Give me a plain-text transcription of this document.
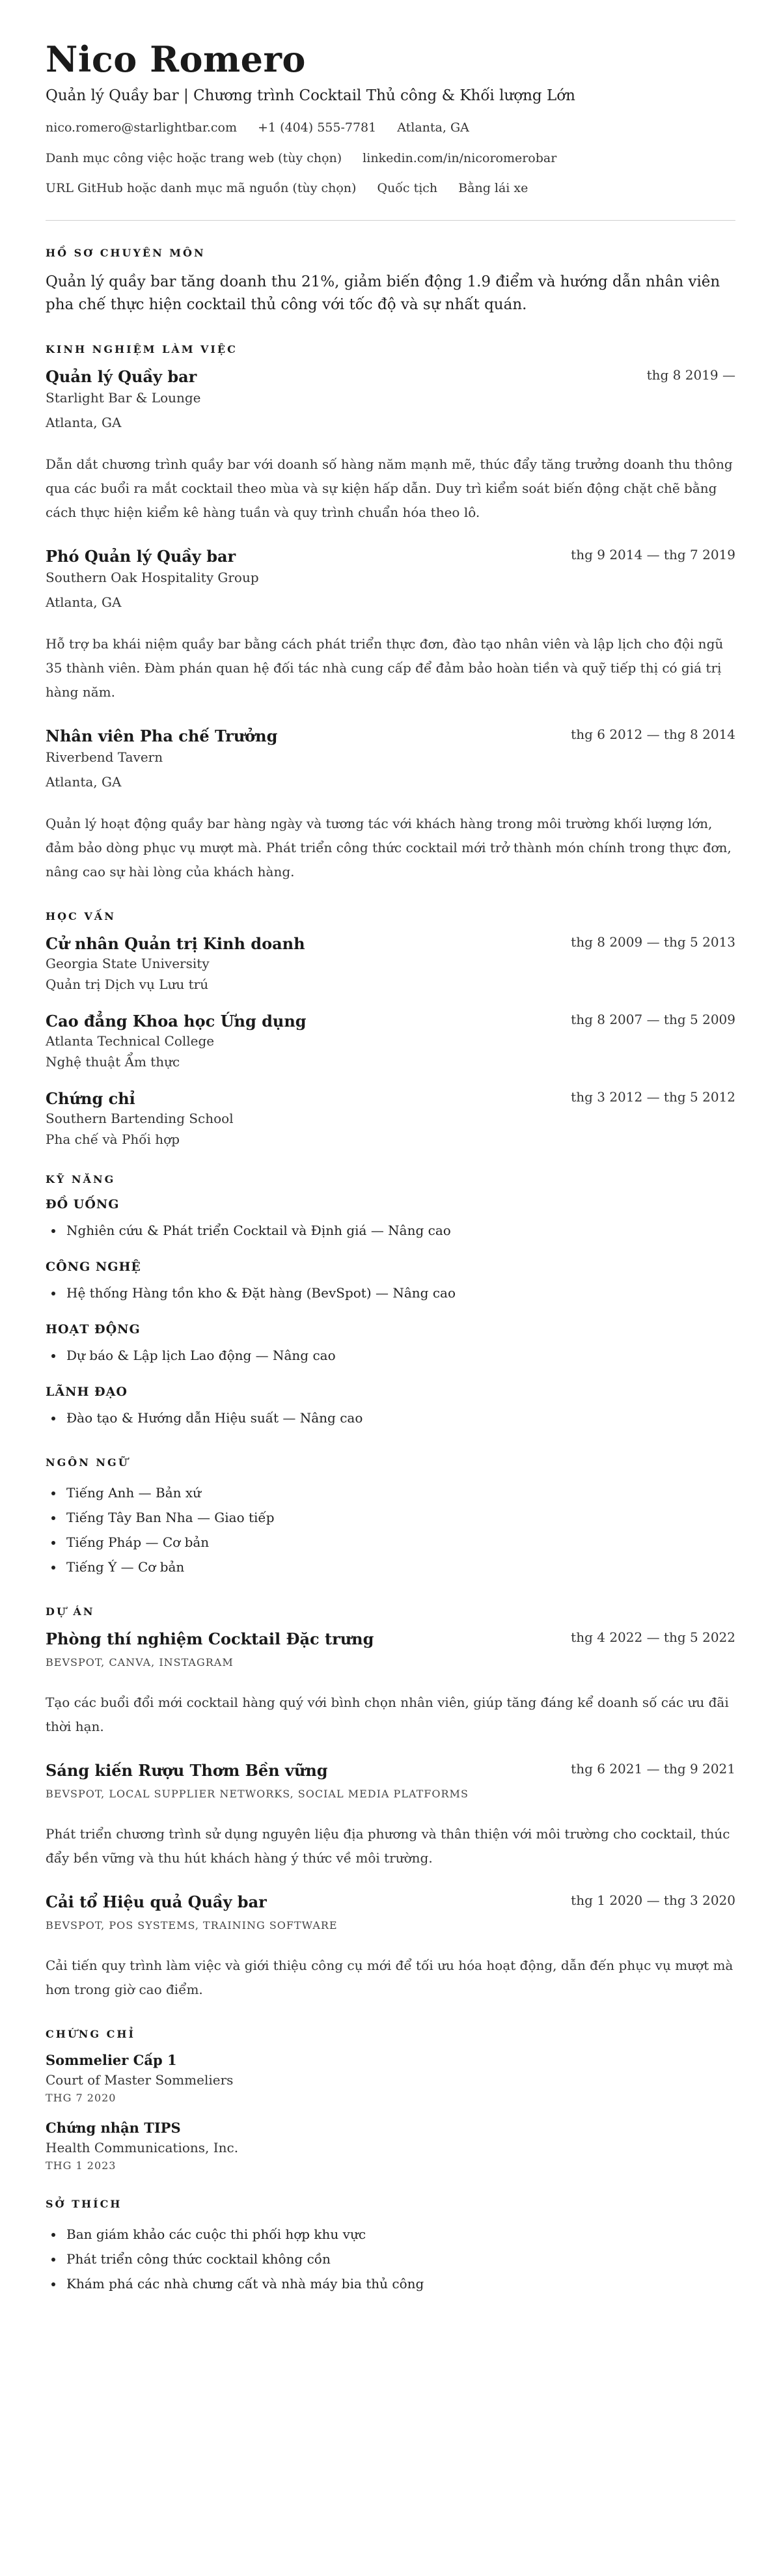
Nico Romero
Quản lý Quầy bar | Chương trình Cocktail Thủ công & Khối lượng Lớn
nico.romero@starlightbar.com +1 (404) 555-7781 Atlanta, GA
Danh mục công việc hoặc trang web (tùy chọn) linkedin.com/in/nicoromerobar
URL GitHub hoặc danh mục mã nguồn (tùy chọn) Quốc tịch Bằng lái xe
HỒ SƠ CHUYÊN MÔN
Quản lý quầy bar tăng doanh thu 21%, giảm biến động 1.9 điểm và hướng dẫn nhân viên pha chế thực hiện cocktail thủ công với tốc độ và sự nhất quán.
KINH NGHIỆM LÀM VIỆC
Quản lý Quầy bar	thg 8 2019 —
Starlight Bar & Lounge
Atlanta, GA
Dẫn dắt chương trình quầy bar với doanh số hàng năm mạnh mẽ, thúc đẩy tăng trưởng doanh thu thông qua các buổi ra mắt cocktail theo mùa và sự kiện hấp dẫn. Duy trì kiểm soát biến động chặt chẽ bằng cách thực hiện kiểm kê hàng tuần và quy trình chuẩn hóa theo lô.
Phó Quản lý Quầy bar	thg 9 2014 — thg 7 2019
Southern Oak Hospitality Group
Atlanta, GA
Hỗ trợ ba khái niệm quầy bar bằng cách phát triển thực đơn, đào tạo nhân viên và lập lịch cho đội ngũ 35 thành viên. Đàm phán quan hệ đối tác nhà cung cấp để đảm bảo hoàn tiền và quỹ tiếp thị có giá trị hàng năm.
Nhân viên Pha chế Trưởng	thg 6 2012 — thg 8 2014
Riverbend Tavern
Atlanta, GA
Quản lý hoạt động quầy bar hàng ngày và tương tác với khách hàng trong môi trường khối lượng lớn, đảm bảo dòng phục vụ mượt mà. Phát triển công thức cocktail mới trở thành món chính trong thực đơn, nâng cao sự hài lòng của khách hàng.
HỌC VẤN
Cử nhân Quản trị Kinh doanh	thg 8 2009 — thg 5 2013
Georgia State University
Quản trị Dịch vụ Lưu trú
Cao đẳng Khoa học Ứng dụng	thg 8 2007 — thg 5 2009
Atlanta Technical College
Nghệ thuật Ẩm thực
Chứng chỉ	thg 3 2012 — thg 5 2012
Southern Bartending School
Pha chế và Phối hợp
KỸ NĂNG
ĐỒ UỐNG
• Nghiên cứu & Phát triển Cocktail và Định giá — Nâng cao
CÔNG NGHỆ
• Hệ thống Hàng tồn kho & Đặt hàng (BevSpot) — Nâng cao
HOẠT ĐỘNG
• Dự báo & Lập lịch Lao động — Nâng cao
LÃNH ĐẠO
• Đào tạo & Hướng dẫn Hiệu suất — Nâng cao
NGÔN NGỮ
• Tiếng Anh — Bản xứ
• Tiếng Tây Ban Nha — Giao tiếp
• Tiếng Pháp — Cơ bản
• Tiếng Ý — Cơ bản
DỰ ÁN
Phòng thí nghiệm Cocktail Đặc trưng	thg 4 2022 — thg 5 2022
BEVSPOT, CANVA, INSTAGRAM
Tạo các buổi đổi mới cocktail hàng quý với bình chọn nhân viên, giúp tăng đáng kể doanh số các ưu đãi thời hạn.
Sáng kiến Rượu Thơm Bền vững	thg 6 2021 — thg 9 2021
BEVSPOT, LOCAL SUPPLIER NETWORKS, SOCIAL MEDIA PLATFORMS
Phát triển chương trình sử dụng nguyên liệu địa phương và thân thiện với môi trường cho cocktail, thúc đẩy bền vững và thu hút khách hàng ý thức về môi trường.
Cải tổ Hiệu quả Quầy bar	thg 1 2020 — thg 3 2020
BEVSPOT, POS SYSTEMS, TRAINING SOFTWARE
Cải tiến quy trình làm việc và giới thiệu công cụ mới để tối ưu hóa hoạt động, dẫn đến phục vụ mượt mà hơn trong giờ cao điểm.
CHỨNG CHỈ
Sommelier Cấp 1
Court of Master Sommeliers
THG 7 2020
Chứng nhận TIPS
Health Communications, Inc.
THG 1 2023
SỞ THÍCH
• Ban giám khảo các cuộc thi phối hợp khu vực
• Phát triển công thức cocktail không cồn
• Khám phá các nhà chưng cất và nhà máy bia thủ công
